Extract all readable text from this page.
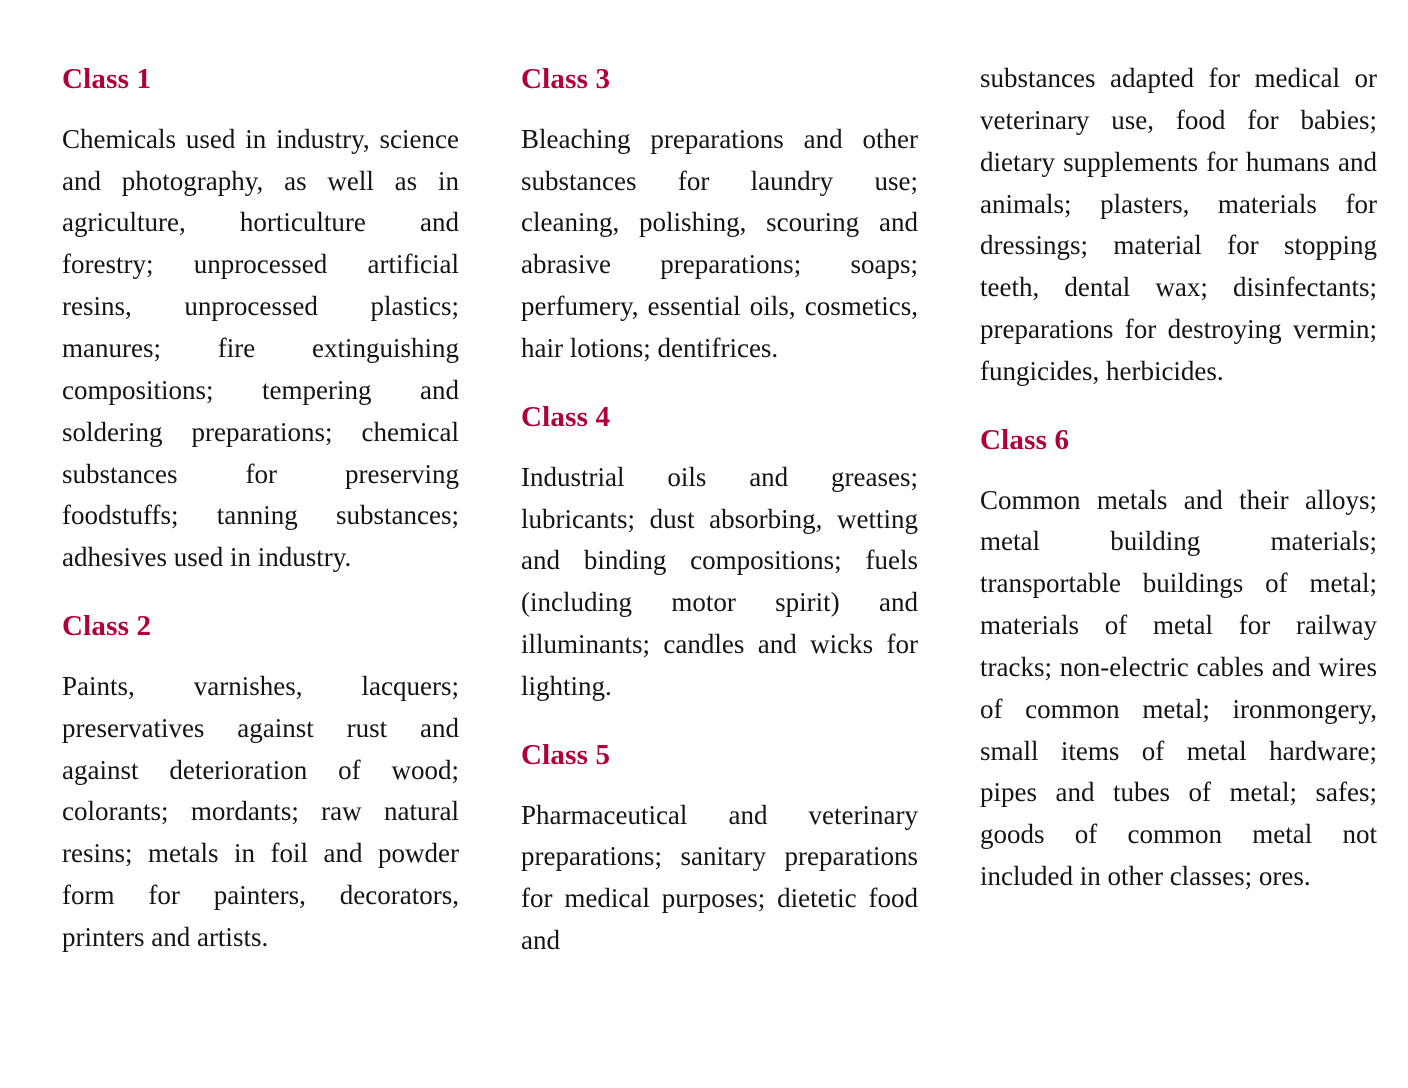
Class 1

Chemicals used in industry, science and photography, as well as in agriculture, horticulture and forestry; unprocessed artificial resins, unprocessed plastics; manures; fire extinguishing compositions; tempering and soldering preparations; chemical substances for preserving foodstuffs; tanning substances; adhesives used in industry.

Class 2

Paints, varnishes, lacquers; preservatives against rust and against deterioration of wood; colorants; mordants; raw natural resins; metals in foil and powder form for painters, decorators, printers and artists.

Class 3

Bleaching preparations and other substances for laundry use; cleaning, polishing, scouring and abrasive preparations; soaps; perfumery, essential oils, cosmetics, hair lotions; dentifrices.

Class 4

Industrial oils and greases; lubricants; dust absorbing, wetting and binding compositions; fuels (including motor spirit) and illuminants; candles and wicks for lighting.

Class 5

Pharmaceutical and veterinary preparations; sanitary preparations for medical purposes; dietetic food and

substances adapted for medical or veterinary use, food for babies; dietary supplements for humans and animals; plasters, materials for dressings; material for stopping teeth, dental wax; disinfectants; preparations for destroying vermin; fungicides, herbicides.

Class 6

Common metals and their alloys; metal building materials; transportable buildings of metal; materials of metal for railway tracks; non-electric cables and wires of common metal; ironmongery, small items of metal hardware; pipes and tubes of metal; safes; goods of common metal not included in other classes; ores.
